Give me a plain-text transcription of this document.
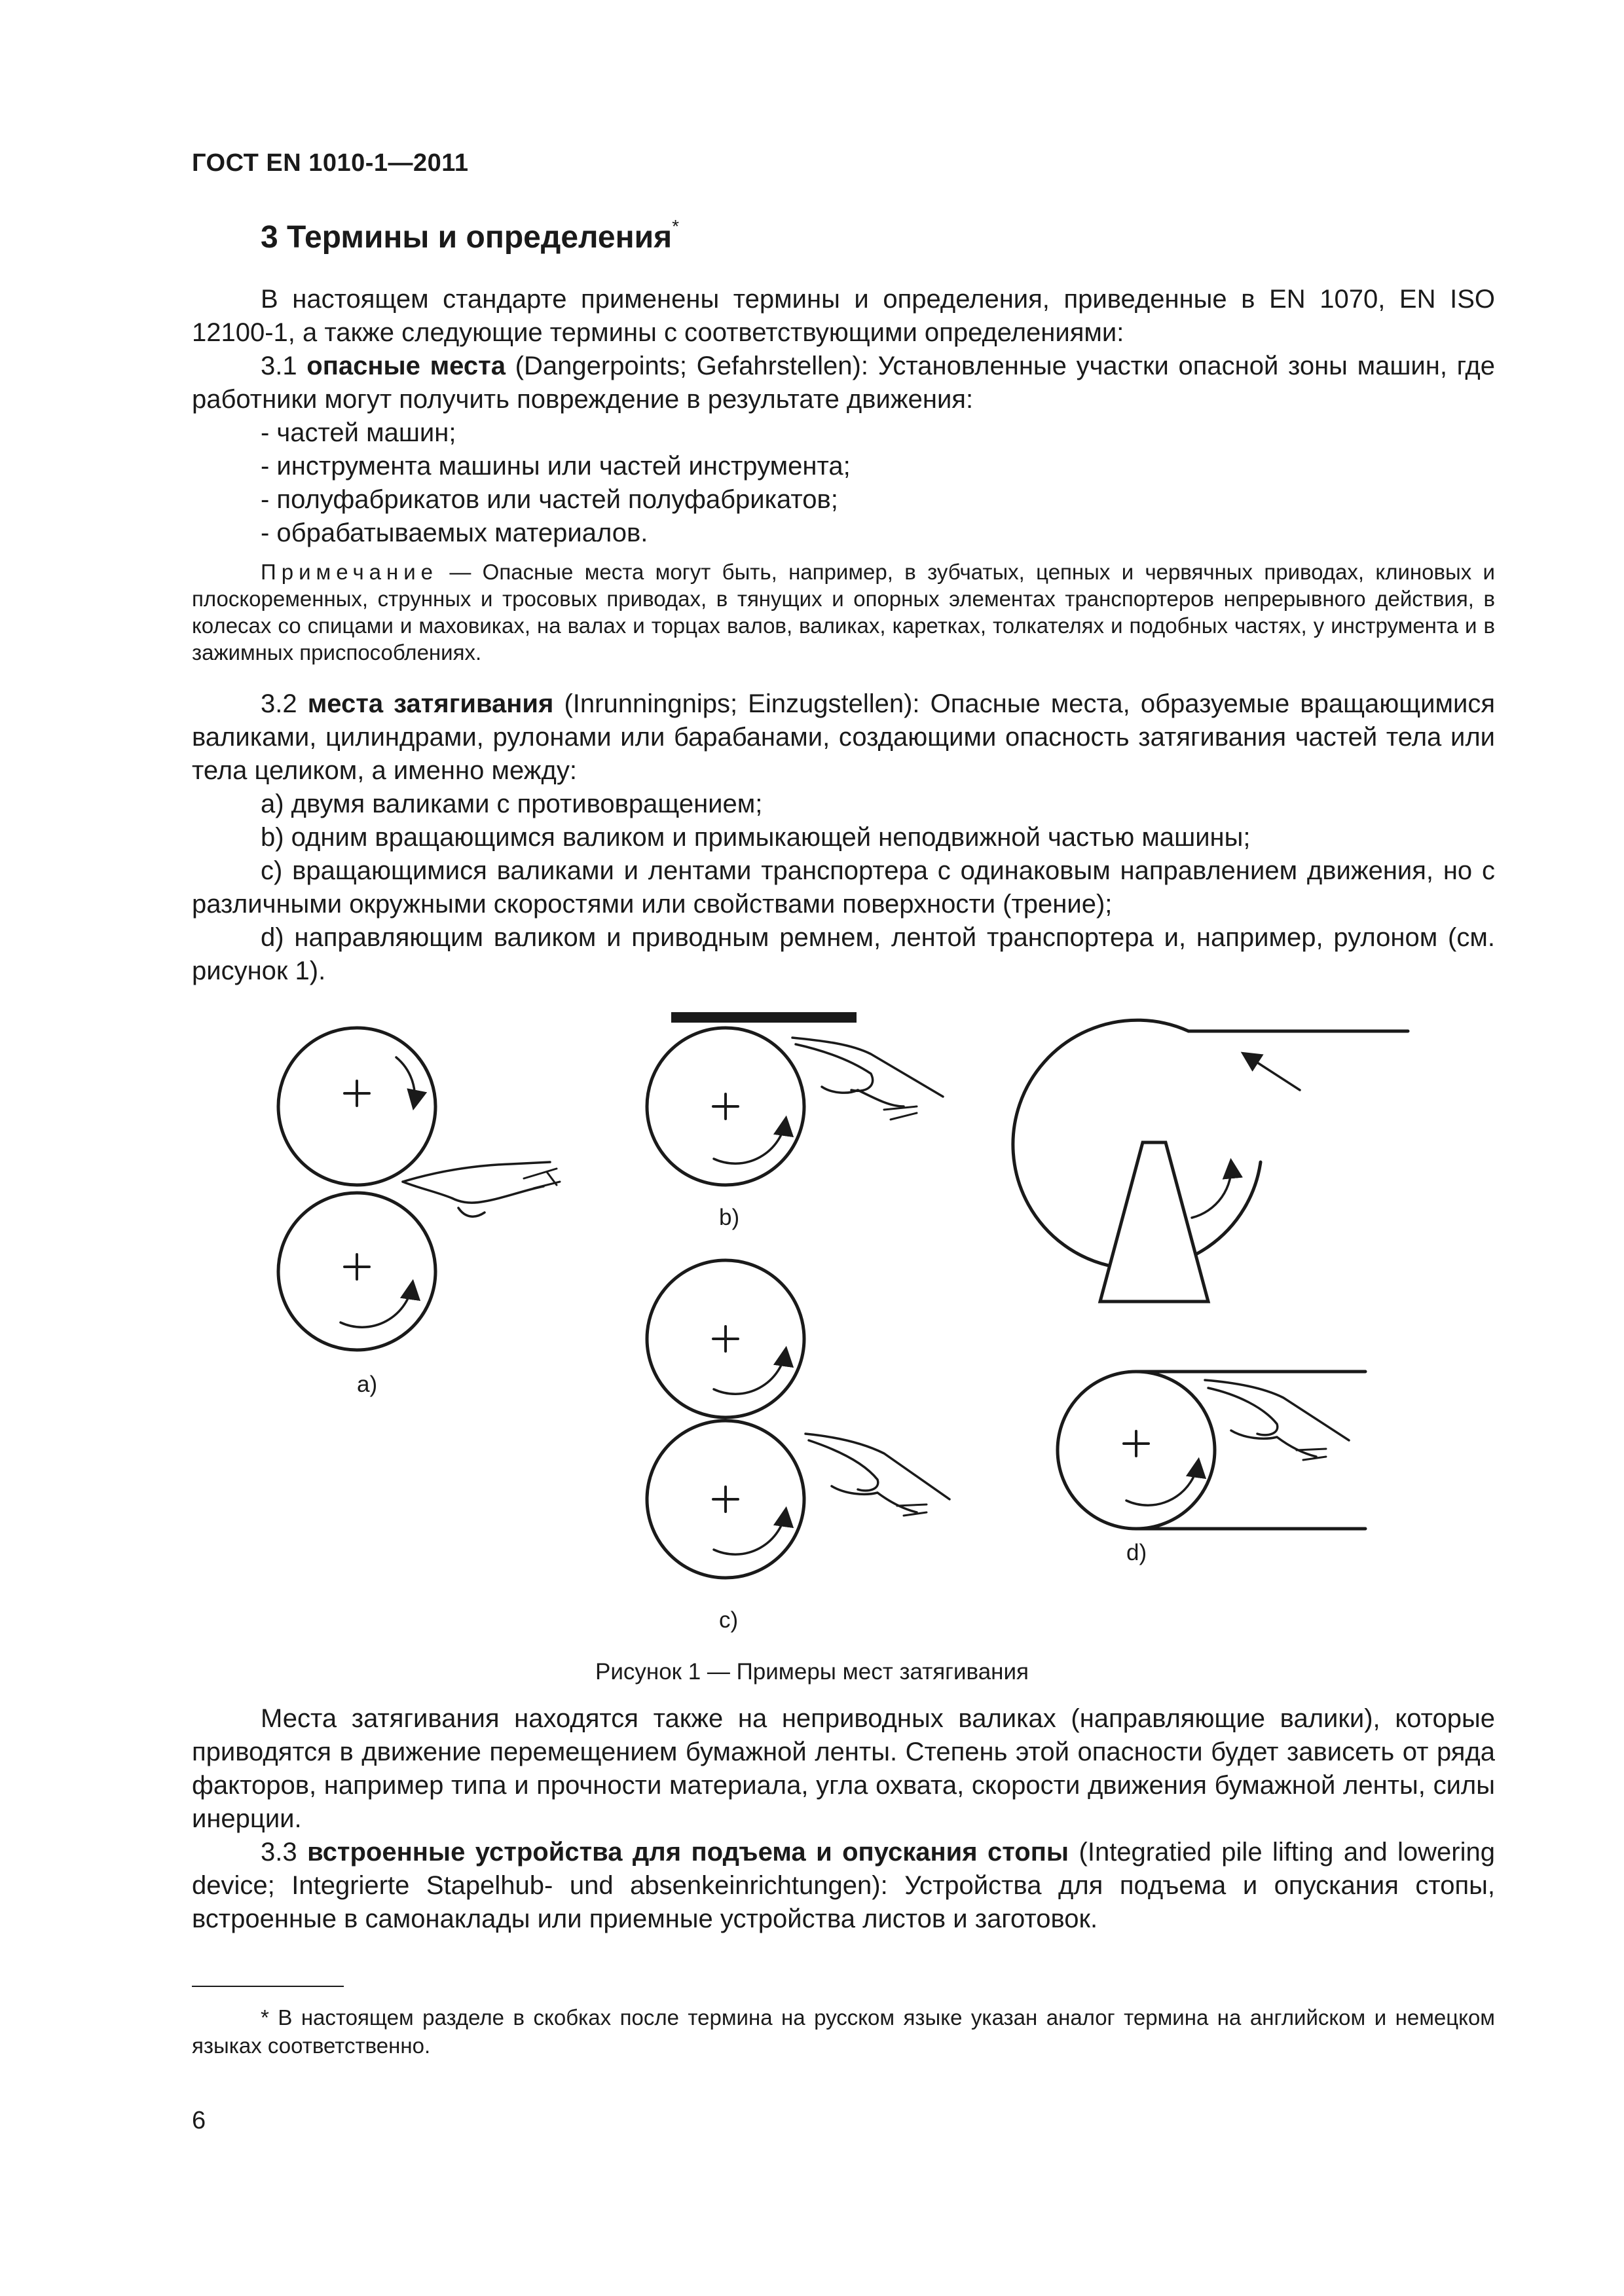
ГОСТ EN 1010-1—2011
3 Термины и определения*

В настоящем стандарте применены термины и определения, приведенные в EN 1070, EN ISO 12100-1, а также следующие термины с соответствующими определениями:

3.1 опасные места (Dangerpoints; Gefahrstellen): Установленные участки опасной зоны машин, где работники могут получить повреждение в результате движения:

- частей машин;

- инструмента машины или частей инструмента;

- полуфабрикатов или частей полуфабрикатов;

- обрабатываемых материалов.

Примечание — Опасные места могут быть, например, в зубчатых, цепных и червячных приводах, клиновых и плоскоременных, струнных и тросовых приводах, в тянущих и опорных элементах транспортеров непрерывного действия, в колесах со спицами и маховиках, на валах и торцах валов, валиках, каретках, толкателях и подобных частях, у инструмента и в зажимных приспособлениях.

3.2 места затягивания (Inrunningnips; Einzugstellen): Опасные места, образуемые вращающимися валиками, цилиндрами, рулонами или барабанами, создающими опасность затягивания частей тела или тела целиком, а именно между:

a) двумя валиками с противовращением;

b) одним вращающимся валиком и примыкающей неподвижной частью машины;

c) вращающимися валиками и лентами транспортера с одинаковым направлением движения, но с различными окружными скоростями или свойствами поверхности (трение);

d) направляющим валиком и приводным ремнем, лентой транспортера и, например, рулоном (см. рисунок 1).

a)
b)
c)
d)
Рисунок 1 — Примеры мест затягивания

Места затягивания находятся также на неприводных валиках (направляющие валики), которые приводятся в движение перемещением бумажной ленты. Степень этой опасности будет зависеть от ряда факторов, например типа и прочности материала, угла охвата, скорости движения бумажной ленты, силы инерции.

3.3 встроенные устройства для подъема и опускания стопы (Integratied pile lifting and lowering device; Integrierte Stapelhub- und absenkeinrichtungen): Устройства для подъема и опускания стопы, встроенные в самонаклады или приемные устройства листов и заготовок.

* В настоящем разделе в скобках после термина на русском языке указан аналог термина на английском и немецком языках соответственно.

6
